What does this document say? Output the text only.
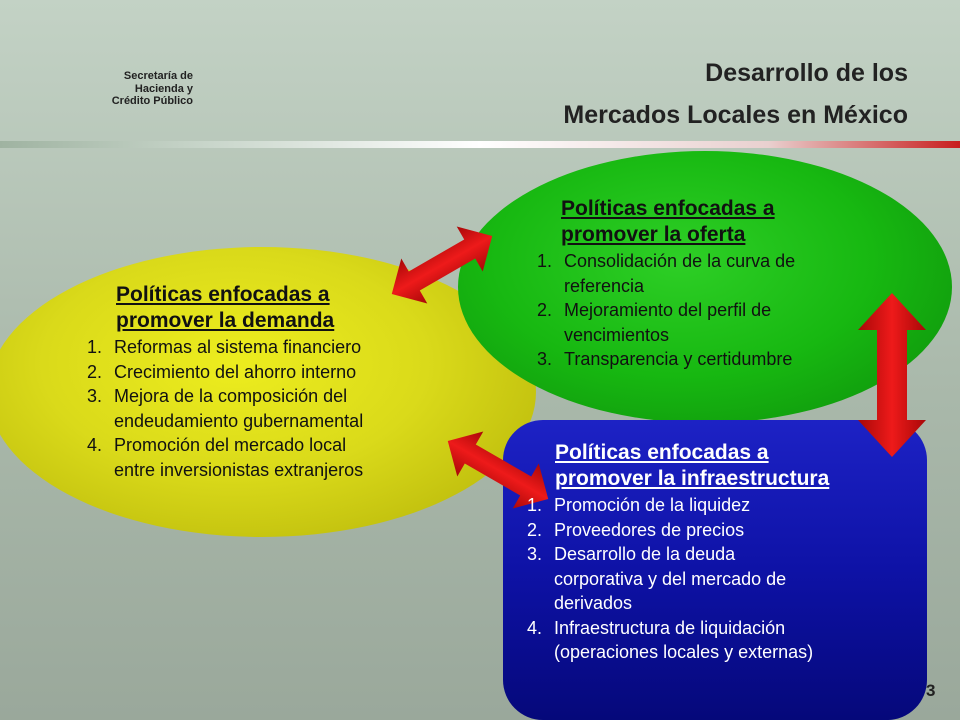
Secretaría de
Hacienda y
Crédito Público
Desarrollo de los
Mercados Locales en México
Políticas enfocadas a
promover la demanda
1. Reformas al sistema financiero
2. Crecimiento del ahorro interno
3. Mejora de la composición del
endeudamiento gubernamental
4. Promoción del mercado local
entre inversionistas extranjeros
Políticas enfocadas a
promover la oferta
1. Consolidación de la curva de
referencia
2. Mejoramiento del perfil de
vencimientos
3. Transparencia y certidumbre
Políticas enfocadas a
promover la infraestructura
1. Promoción de la liquidez
2. Proveedores de precios
3. Desarrollo de la deuda
corporativa y del mercado de
derivados
4. Infraestructura de liquidación
(operaciones locales y externas)
3
